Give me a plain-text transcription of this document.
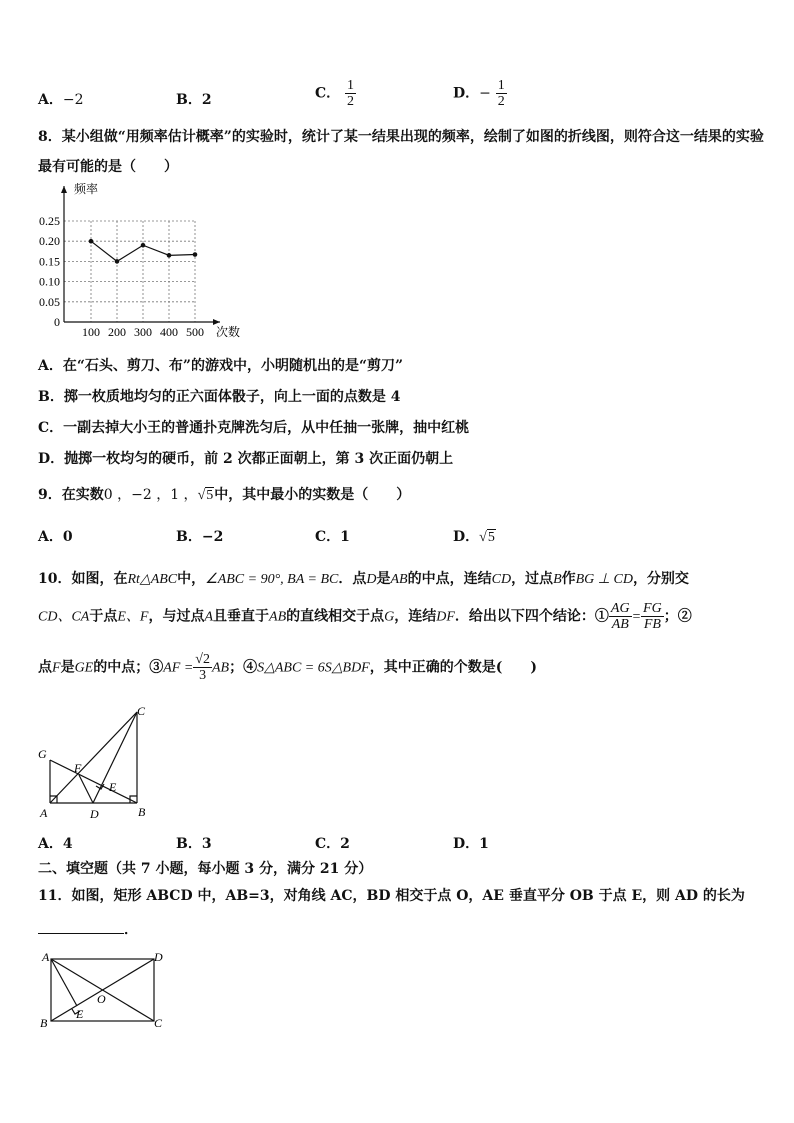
A．−2	B．2	C． $\frac{1}{2}$	D．− $\frac{1}{2}$
8．某小组做“用频率估计概率”的实验时，统计了某一结果出现的频率，绘制了如图的折线图，则符合这一结果的实验
最有可能的是（　　）
0
0.05
0.10
0.15
0.20
0.25
100 200 300 400 500
频率
次数
A．在“石头、剪刀、布”的游戏中，小明随机出的是“剪刀”
B．掷一枚质地均匀的正六面体骰子，向上一面的点数是 4
C．一副去掉大小王的普通扑克牌洗匀后，从中任抽一张牌，抽中红桃
D．抛掷一枚均匀的硬币，前 2 次都正面朝上，第 3 次正面仍朝上
9．在实数0 ，−2 ，1 ，√5中，其中最小的实数是（　　）
A．0	B．−2	C．1	D．√5
10．如图，在Rt△ABC中，∠ABC = 90°, BA = BC．点D是AB的中点，连结CD，过点B作BG ⊥ CD，分别交
CD、CA于点E、F，与过点A且垂直于AB的直线相交于点G，连结DF．给出以下四个结论：① $\frac{AG}{AB} = \frac{FG}{FB}$ ；②
点F是GE的中点；③AF = $\frac{√2}{3}$ AB；④S△ABC = 6S△BDF，其中正确的个数是(　　)
G
F
E
C
A	D	B
A．4	B．3	C．2	D．1
二、填空题（共 7 小题，每小题 3 分，满分 21 分）
11．如图，矩形 ABCD 中，AB=3，对角线 AC，BD 相交于点 O，AE 垂直平分 OB 于点 E，则 AD 的长为
．
A	D
B	C
O
E
